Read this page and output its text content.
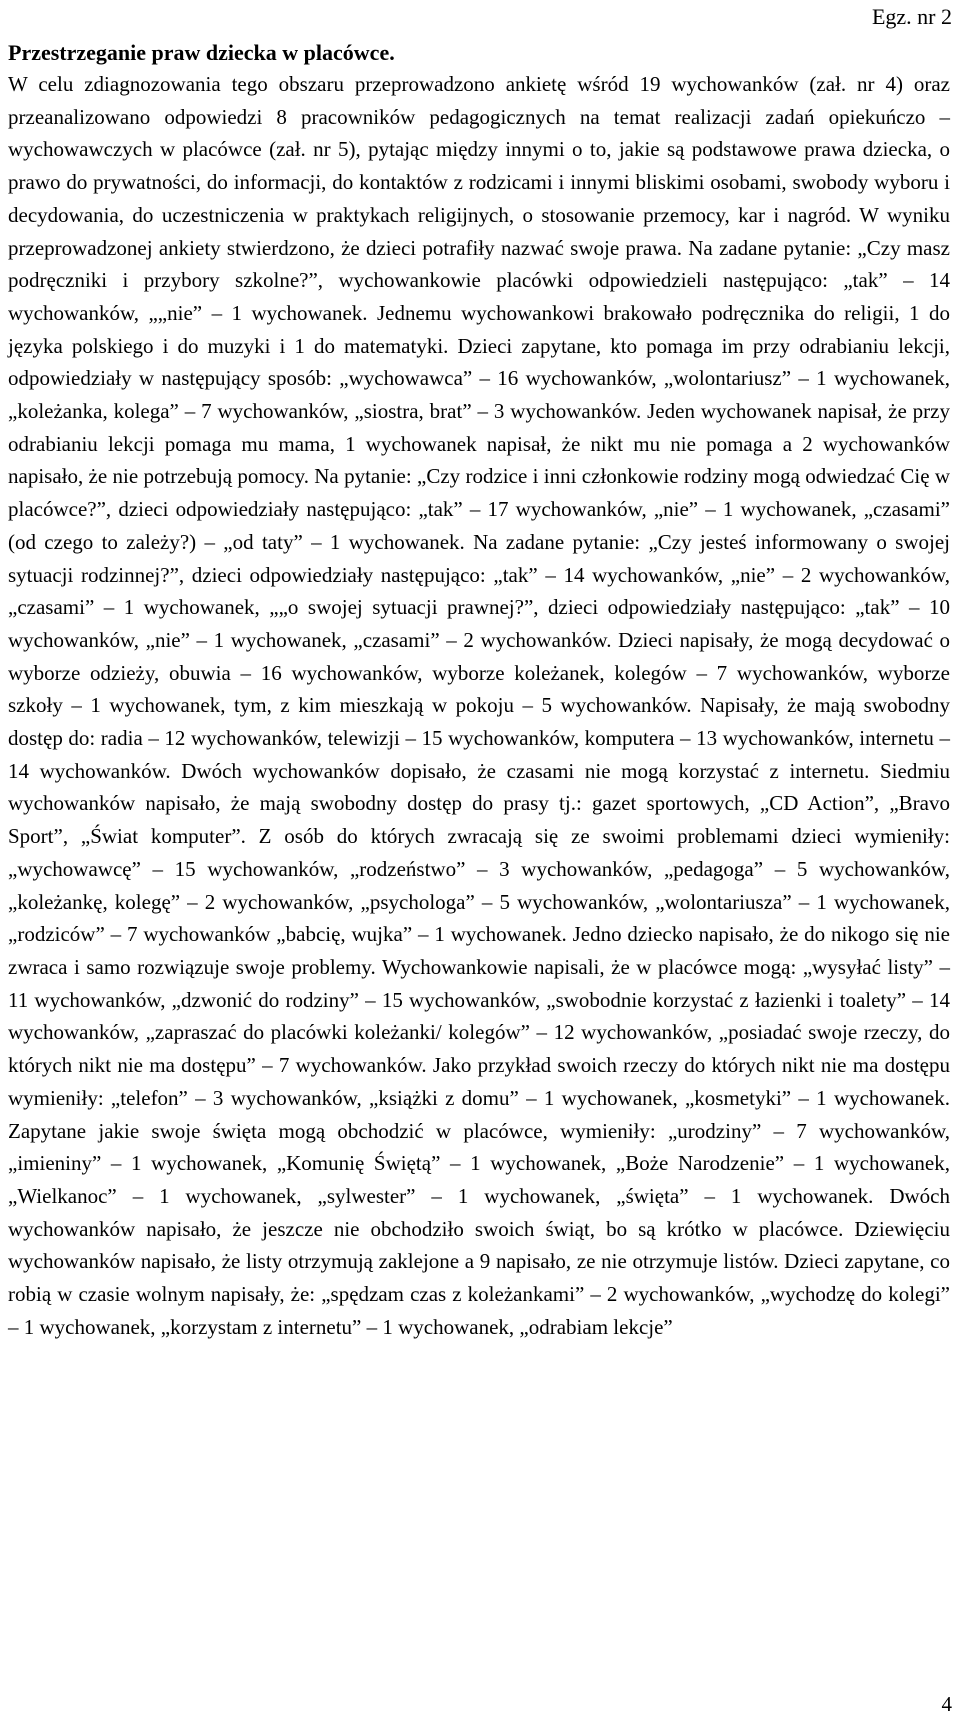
Egz. nr 2

Przestrzeganie praw dziecka w placówce.

W celu zdiagnozowania tego obszaru przeprowadzono ankietę wśród 19 wychowanków (zał. nr 4) oraz przeanalizowano odpowiedzi 8 pracowników pedagogicznych na temat realizacji zadań opiekuńczo – wychowawczych w placówce (zał. nr 5), pytając między innymi o to, jakie są podstawowe prawa dziecka, o prawo do prywatności, do informacji, do kontaktów z rodzicami i innymi bliskimi osobami, swobody wyboru i decydowania, do uczestniczenia w praktykach religijnych, o stosowanie przemocy, kar i nagród. W wyniku przeprowadzonej ankiety stwierdzono, że dzieci potrafiły nazwać swoje prawa. Na zadane pytanie: „Czy masz podręczniki i przybory szkolne?”, wychowankowie placówki odpowiedzieli następująco: „tak” – 14 wychowanków, „„nie” – 1 wychowanek. Jednemu wychowankowi brakowało podręcznika do religii, 1 do języka polskiego i do muzyki i 1 do matematyki. Dzieci zapytane, kto pomaga im przy odrabianiu lekcji, odpowiedziały w następujący sposób: „wychowawca” – 16 wychowanków, „wolontariusz” – 1 wychowanek, „koleżanka, kolega” – 7 wychowanków, „siostra, brat” – 3 wychowanków. Jeden wychowanek napisał, że przy odrabianiu lekcji pomaga mu mama, 1 wychowanek napisał, że nikt mu nie pomaga a 2 wychowanków napisało, że nie potrzebują pomocy. Na pytanie: „Czy rodzice i inni członkowie rodziny mogą odwiedzać Cię w placówce?”, dzieci odpowiedziały następująco: „tak” – 17 wychowanków, „nie” – 1 wychowanek, „czasami” (od czego to zależy?) – „od taty” – 1 wychowanek. Na zadane pytanie: „Czy jesteś informowany o swojej sytuacji rodzinnej?”, dzieci odpowiedziały następująco: „tak” – 14 wychowanków, „nie” – 2 wychowanków, „czasami” – 1 wychowanek, „„o swojej sytuacji prawnej?”, dzieci odpowiedziały następująco: „tak” – 10 wychowanków, „nie” – 1 wychowanek, „czasami” – 2 wychowanków. Dzieci napisały, że mogą decydować o wyborze odzieży, obuwia – 16 wychowanków, wyborze koleżanek, kolegów – 7 wychowanków, wyborze szkoły – 1 wychowanek, tym, z kim mieszkają w pokoju – 5 wychowanków. Napisały, że mają swobodny dostęp do: radia – 12 wychowanków, telewizji – 15 wychowanków, komputera – 13 wychowanków, internetu – 14 wychowanków. Dwóch wychowanków dopisało, że czasami nie mogą korzystać z internetu. Siedmiu wychowanków napisało, że mają swobodny dostęp do prasy tj.: gazet sportowych, „CD Action”, „Bravo Sport”, „Świat komputer”. Z osób do których zwracają się ze swoimi problemami dzieci wymieniły: „wychowawcę” – 15 wychowanków, „rodzeństwo” – 3 wychowanków, „pedagoga” – 5 wychowanków, „koleżankę, kolegę” – 2 wychowanków, „psychologa” – 5 wychowanków, „wolontariusza” – 1 wychowanek, „rodziców” – 7 wychowanków „babcię, wujka” – 1 wychowanek. Jedno dziecko napisało, że do nikogo się nie zwraca i samo rozwiązuje swoje problemy. Wychowankowie napisali, że w placówce mogą: „wysyłać listy” – 11 wychowanków, „dzwonić do rodziny” – 15 wychowanków, „swobodnie korzystać z łazienki i toalety” – 14 wychowanków, „zapraszać do placówki koleżanki/ kolegów” – 12 wychowanków, „posiadać swoje rzeczy, do których nikt nie ma dostępu” – 7 wychowanków. Jako przykład swoich rzeczy do których nikt nie ma dostępu wymieniły: „telefon” – 3 wychowanków, „książki z domu” – 1 wychowanek, „kosmetyki” – 1 wychowanek. Zapytane jakie swoje święta mogą obchodzić w placówce, wymieniły: „urodziny” – 7 wychowanków, „imieniny” – 1 wychowanek, „Komunię Świętą” – 1 wychowanek, „Boże Narodzenie” – 1 wychowanek, „Wielkanoc” – 1 wychowanek, „sylwester” – 1 wychowanek, „święta” – 1 wychowanek. Dwóch wychowanków napisało, że jeszcze nie obchodziło swoich świąt, bo są krótko w placówce. Dziewięciu wychowanków napisało, że listy otrzymują zaklejone a 9 napisało, ze nie otrzymuje listów. Dzieci zapytane, co robią w czasie wolnym napisały, że: „spędzam czas z koleżankami” – 2 wychowanków, „wychodzę do kolegi” – 1 wychowanek, „korzystam z internetu” – 1 wychowanek, „odrabiam lekcje”

4
